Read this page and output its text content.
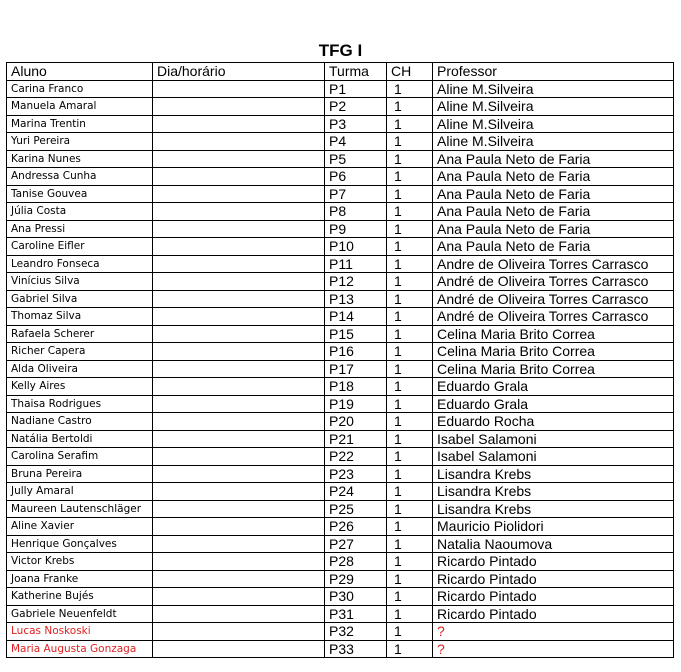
TFG I
Aluno	Dia/horário	Turma	CH	Professor
Carina Franco		P1	1	Aline M.Silveira
Manuela Amaral		P2	1	Aline M.Silveira
Marina Trentin		P3	1	Aline M.Silveira
Yuri Pereira		P4	1	Aline M.Silveira
Karina Nunes		P5	1	Ana Paula Neto de Faria
Andressa Cunha		P6	1	Ana Paula Neto de Faria
Tanise Gouvea		P7	1	Ana Paula Neto de Faria
Júlia Costa		P8	1	Ana Paula Neto de Faria
Ana Pressi		P9	1	Ana Paula Neto de Faria
Caroline Eifler		P10	1	Ana Paula Neto de Faria
Leandro Fonseca		P11	1	Andre de Oliveira Torres Carrasco
Vinícius Silva		P12	1	André de Oliveira Torres Carrasco
Gabriel Silva		P13	1	André de Oliveira Torres Carrasco
Thomaz Silva		P14	1	André de Oliveira Torres Carrasco
Rafaela Scherer		P15	1	Celina Maria Brito Correa
Richer Capera		P16	1	Celina Maria Brito Correa
Alda Oliveira		P17	1	Celina Maria Brito Correa
Kelly Aires		P18	1	Eduardo Grala
Thaisa Rodrigues		P19	1	Eduardo Grala
Nadiane Castro		P20	1	Eduardo Rocha
Natália Bertoldi		P21	1	Isabel Salamoni
Carolina Serafim		P22	1	Isabel Salamoni
Bruna Pereira		P23	1	Lisandra Krebs
Jully Amaral		P24	1	Lisandra Krebs
Maureen Lautenschläger		P25	1	Lisandra Krebs
Aline Xavier		P26	1	Mauricio Piolidori
Henrique Gonçalves		P27	1	Natalia Naoumova
Victor Krebs		P28	1	Ricardo Pintado
Joana Franke		P29	1	Ricardo Pintado
Katherine Bujés		P30	1	Ricardo Pintado
Gabriele Neuenfeldt		P31	1	Ricardo Pintado
Lucas Noskoski		P32	1	?
Maria Augusta Gonzaga		P33	1	?
